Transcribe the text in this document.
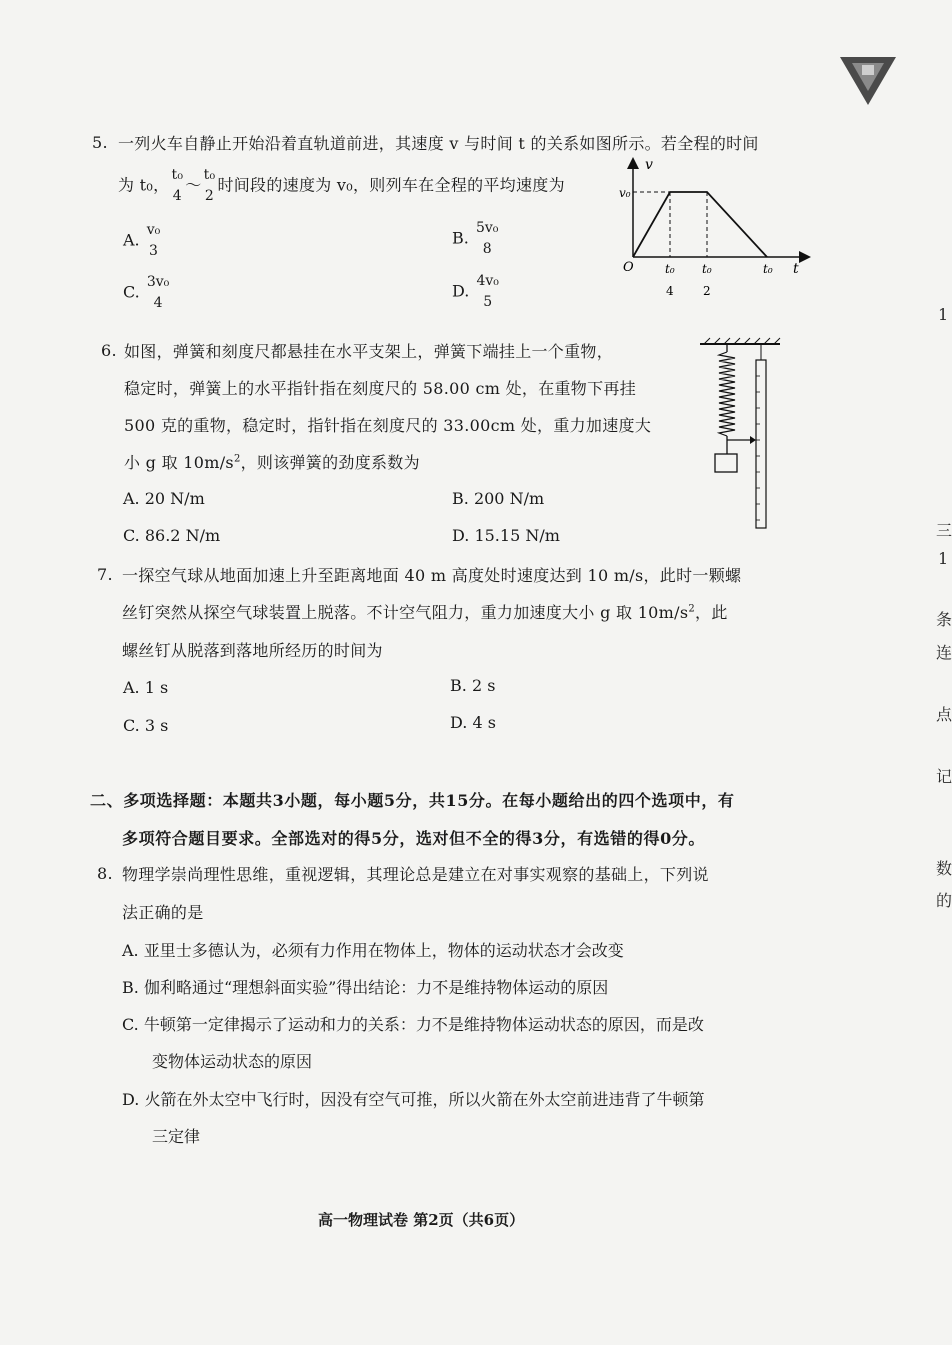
5. 一列火车自静止开始沿着直轨道前进，其速度 v 与时间 t 的关系如图所示。若全程的时间
为 t₀，
t₀
4
～
t₀
2
时间段的速度为 v₀，则列车在全程的平均速度为
A.
v₀
3
B.
5v₀
8
C.
3v₀
4
D.
4v₀
5
v
v₀
O	t
t₀
4
t₀
2
t₀
6. 如图，弹簧和刻度尺都悬挂在水平支架上，弹簧下端挂上一个重物，
稳定时，弹簧上的水平指针指在刻度尺的 58.00 cm 处，在重物下再挂
500 克的重物，稳定时，指针指在刻度尺的 33.00cm 处，重力加速度大
小 g 取 $10m/s^2$，则该弹簧的劲度系数为
A. 20 N/m	B. 200 N/m
C. 86.2 N/m	D. 15.15 N/m
7. 一探空气球从地面加速上升至距离地面 40 m 高度处时速度达到 10 m/s，此时一颗螺
丝钉突然从探空气球装置上脱落。不计空气阻力，重力加速度大小 g 取 $10m/s^2$，此
螺丝钉从脱落到落地所经历的时间为
A. 1 s	B. 2 s
C. 3 s	D. 4 s
二、多项选择题：本题共3小题，每小题5分，共15分。在每小题给出的四个选项中，有
多项符合题目要求。全部选对的得5分，选对但不全的得3分，有选错的得0分。
8. 物理学崇尚理性思维，重视逻辑，其理论总是建立在对事实观察的基础上，下列说
法正确的是
A. 亚里士多德认为，必须有力作用在物体上，物体的运动状态才会改变
B. 伽利略通过“理想斜面实验”得出结论：力不是维持物体运动的原因
C. 牛顿第一定律揭示了运动和力的关系：力不是维持物体运动状态的原因，而是改
变物体运动状态的原因
D. 火箭在外太空中飞行时，因没有空气可推，所以火箭在外太空前进违背了牛顿第
三定律
高一物理试卷 第2页（共6页）
1
三
1
条
连
点
记
数
的
